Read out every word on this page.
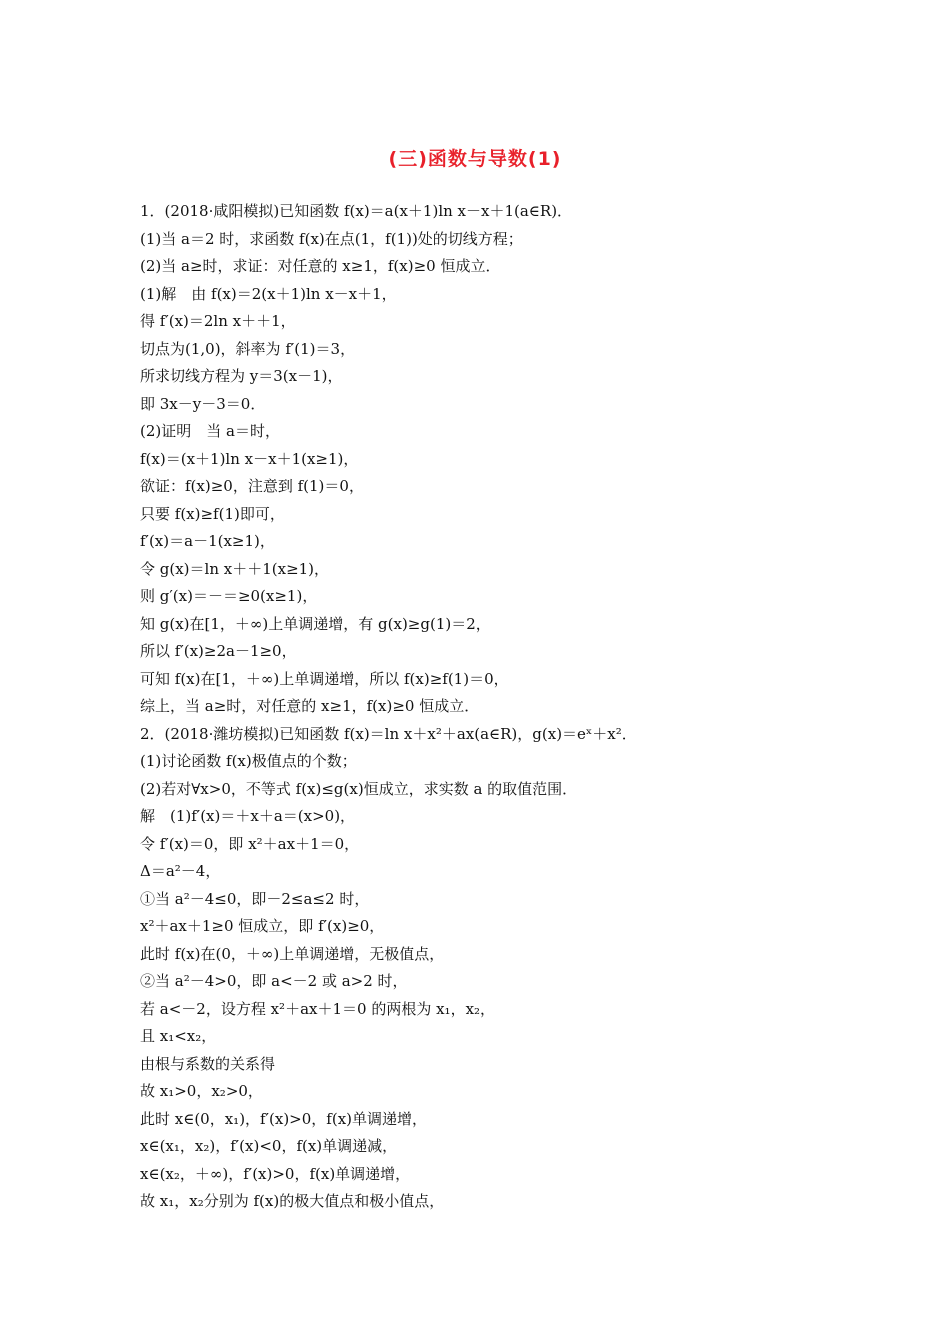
(三)函数与导数(1)
1．(2018·咸阳模拟)已知函数 f(x)＝a(x＋1)ln x－x＋1(a∈R)．
(1)当 a＝2 时，求函数 f(x)在点(1，f(1))处的切线方程；
(2)当 a≥时，求证：对任意的 x≥1，f(x)≥0 恒成立．
(1)解　由 f(x)＝2(x＋1)ln x－x＋1，
得 f′(x)＝2ln x＋＋1，
切点为(1,0)，斜率为 f′(1)＝3，
所求切线方程为 y＝3(x－1)，
即 3x－y－3＝0．
(2)证明　当 a＝时，
f(x)＝(x＋1)ln x－x＋1(x≥1)，
欲证：f(x)≥0，注意到 f(1)＝0，
只要 f(x)≥f(1)即可，
f′(x)＝a－1(x≥1)，
令 g(x)＝ln x＋＋1(x≥1)，
则 g′(x)＝－＝≥0(x≥1)，
知 g(x)在[1，＋∞)上单调递增，有 g(x)≥g(1)＝2，
所以 f′(x)≥2a－1≥0，
可知 f(x)在[1，＋∞)上单调递增，所以 f(x)≥f(1)＝0，
综上，当 a≥时，对任意的 x≥1，f(x)≥0 恒成立．
2．(2018·潍坊模拟)已知函数 f(x)＝ln x＋x²＋ax(a∈R)，g(x)＝eˣ＋x²．
(1)讨论函数 f(x)极值点的个数；
(2)若对∀x>0，不等式 f(x)≤g(x)恒成立，求实数 a 的取值范围．
解　(1)f′(x)＝＋x＋a＝(x>0)，
令 f′(x)＝0，即 x²＋ax＋1＝0，
Δ＝a²－4，
①当 a²－4≤0，即－2≤a≤2 时，
x²＋ax＋1≥0 恒成立，即 f′(x)≥0，
此时 f(x)在(0，＋∞)上单调递增，无极值点，
②当 a²－4>0，即 a<－2 或 a>2 时，
若 a<－2，设方程 x²＋ax＋1＝0 的两根为 x₁，x₂，
且 x₁<x₂，
由根与系数的关系得
故 x₁>0，x₂>0，
此时 x∈(0，x₁)，f′(x)>0，f(x)单调递增，
x∈(x₁，x₂)，f′(x)<0，f(x)单调递减，
x∈(x₂，＋∞)，f′(x)>0，f(x)单调递增，
故 x₁，x₂分别为 f(x)的极大值点和极小值点，
